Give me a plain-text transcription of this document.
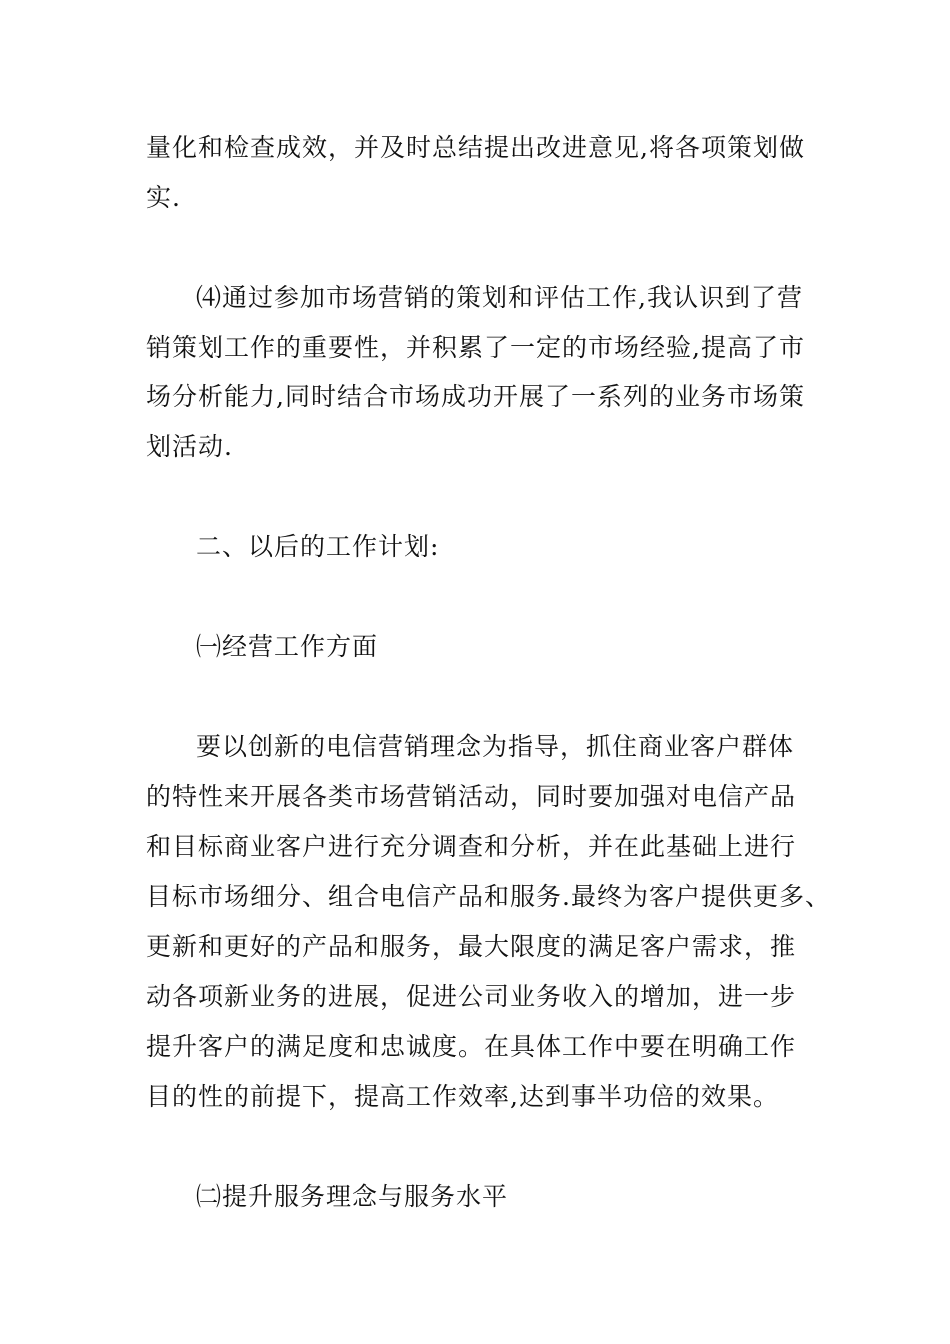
量化和检查成效，并及时总结提出改进意见,将各项策划做
实.
⑷通过参加市场营销的策划和评估工作,我认识到了营
销策划工作的重要性，并积累了一定的市场经验,提高了市
场分析能力,同时结合市场成功开展了一系列的业务市场策
划活动.
二、以后的工作计划:
㈠经营工作方面
要以创新的电信营销理念为指导，抓住商业客户群体
的特性来开展各类市场营销活动，同时要加强对电信产品
和目标商业客户进行充分调查和分析，并在此基础上进行
目标市场细分、组合电信产品和服务.最终为客户提供更多、
更新和更好的产品和服务，最大限度的满足客户需求，推
动各项新业务的进展，促进公司业务收入的增加，进一步
提升客户的满足度和忠诚度。在具体工作中要在明确工作
目的性的前提下，提高工作效率,达到事半功倍的效果。
㈡提升服务理念与服务水平
